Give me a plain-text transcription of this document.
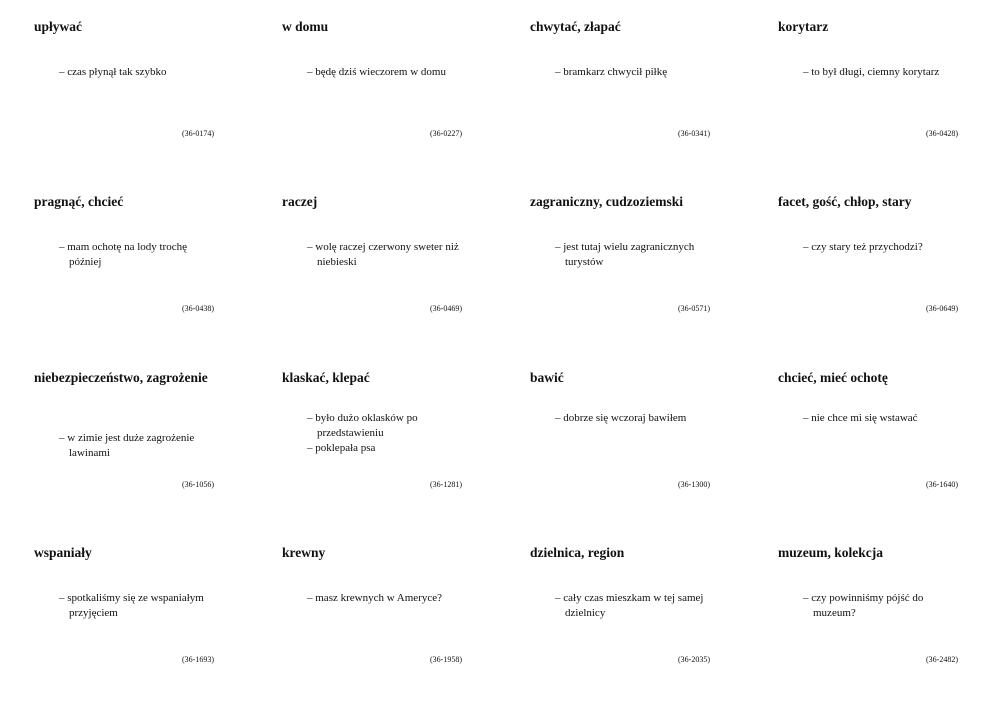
upływać
– czas płynął tak szybko
(36-0174)
w domu
– będę dziś wieczorem w domu
(36-0227)
chwytać, złapać
– bramkarz chwycił piłkę
(36-0341)
korytarz
– to był długi, ciemny korytarz
(36-0428)
pragnąć, chcieć
– mam ochotę na lody trochę później
(36-0438)
raczej
– wolę raczej czerwony sweter niż niebieski
(36-0469)
zagraniczny, cudzoziemski
– jest tutaj wielu zagranicznych turystów
(36-0571)
facet, gość, chłop, stary
– czy stary też przychodzi?
(36-0649)
niebezpieczeństwo, zagrożenie
– w zimie jest duże zagrożenie lawinami
(36-1056)
klaskać, klepać
– było dużo oklasków po przedstawieniu
– poklepała psa
(36-1281)
bawić
– dobrze się wczoraj bawiłem
(36-1300)
chcieć, mieć ochotę
– nie chce mi się wstawać
(36-1640)
wspaniały
– spotkaliśmy się ze wspaniałym przyjęciem
(36-1693)
krewny
– masz krewnych w Ameryce?
(36-1958)
dzielnica, region
– cały czas mieszkam w tej samej dzielnicy
(36-2035)
muzeum, kolekcja
– czy powinniśmy pójść do muzeum?
(36-2482)
